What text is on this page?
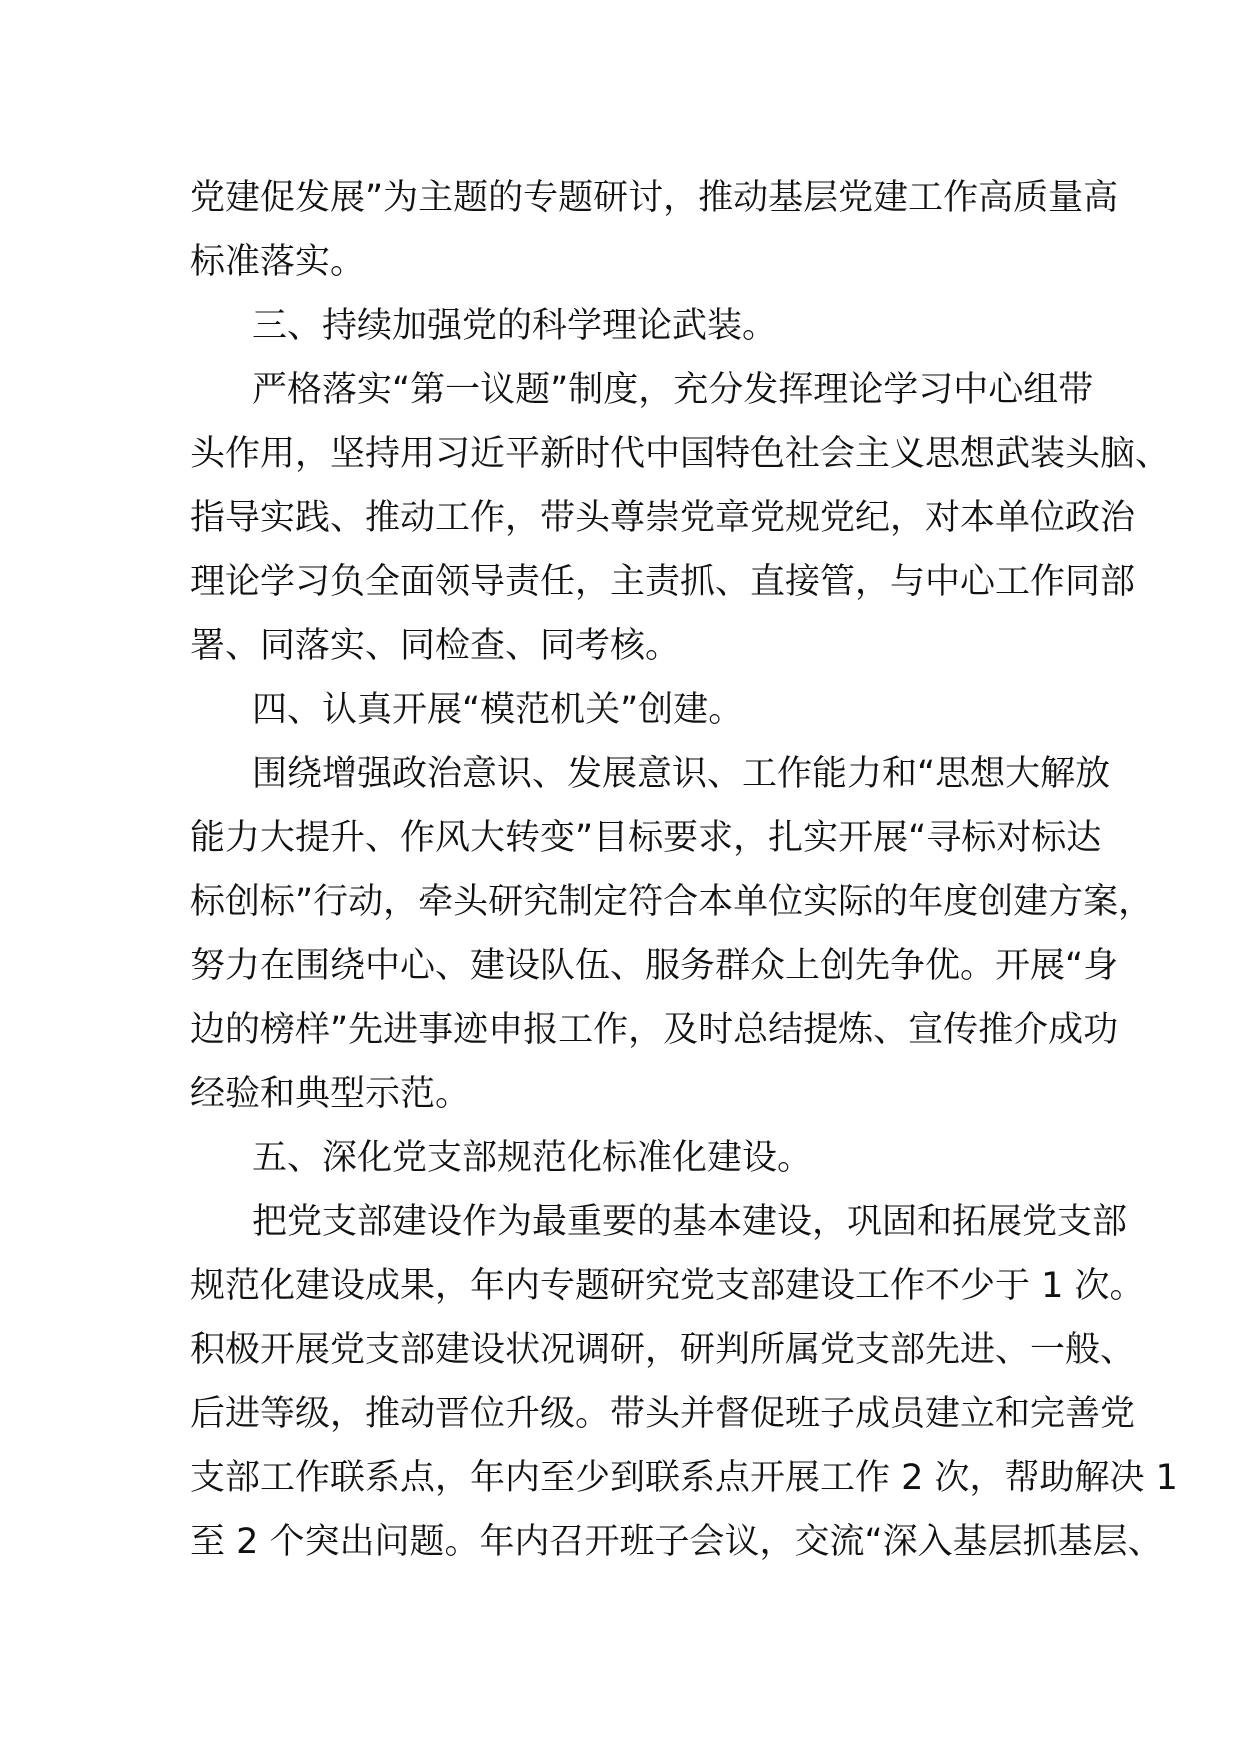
党建促发展”为主题的专题研讨，推动基层党建工作高质量高
标准落实。
三、持续加强党的科学理论武装。
严格落实“第一议题”制度，充分发挥理论学习中心组带
头作用，坚持用习近平新时代中国特色社会主义思想武装头脑、
指导实践、推动工作，带头尊崇党章党规党纪，对本单位政治
理论学习负全面领导责任，主责抓、直接管，与中心工作同部
署、同落实、同检查、同考核。
四、认真开展“模范机关”创建。
围绕增强政治意识、发展意识、工作能力和“思想大解放
能力大提升、作风大转变”目标要求，扎实开展“寻标对标达
标创标”行动，牵头研究制定符合本单位实际的年度创建方案，
努力在围绕中心、建设队伍、服务群众上创先争优。开展“身
边的榜样”先进事迹申报工作，及时总结提炼、宣传推介成功
经验和典型示范。
五、深化党支部规范化标准化建设。
把党支部建设作为最重要的基本建设，巩固和拓展党支部
规范化建设成果，年内专题研究党支部建设工作不少于 1 次。
积极开展党支部建设状况调研，研判所属党支部先进、一般、
后进等级，推动晋位升级。带头并督促班子成员建立和完善党
支部工作联系点，年内至少到联系点开展工作 2 次，帮助解决 1
至 2 个突出问题。年内召开班子会议，交流“深入基层抓基层、
